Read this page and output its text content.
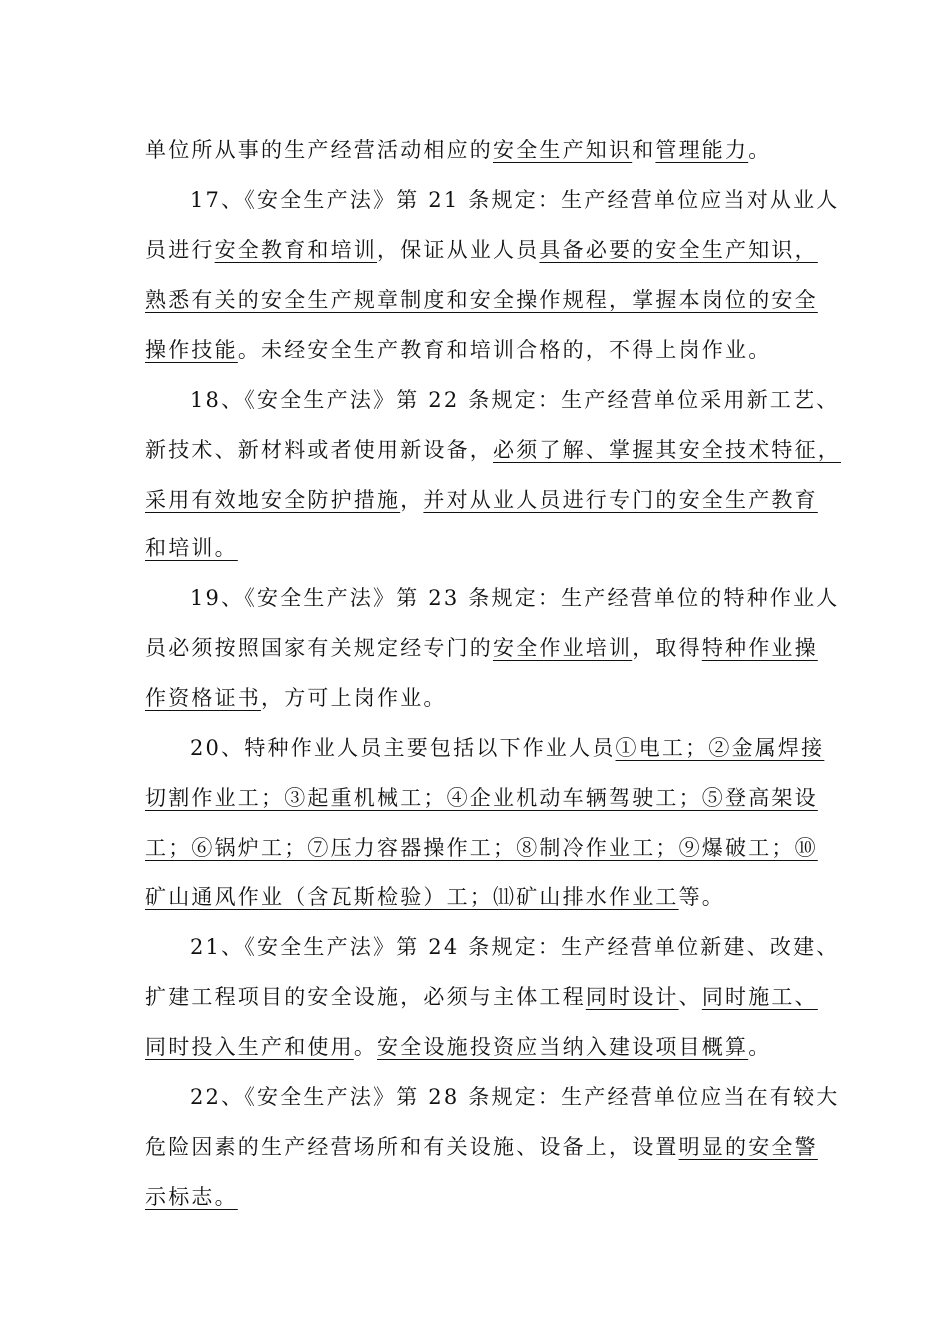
单位所从事的生产经营活动相应的安全生产知识和管理能力。
17、《安全生产法》第 21 条规定：生产经营单位应当对从业人
员进行安全教育和培训，保证从业人员具备必要的安全生产知识，
熟悉有关的安全生产规章制度和安全操作规程，掌握本岗位的安全
操作技能。未经安全生产教育和培训合格的，不得上岗作业。
18、《安全生产法》第 22 条规定：生产经营单位采用新工艺、
新技术、新材料或者使用新设备，必须了解、掌握其安全技术特征，
采用有效地安全防护措施，并对从业人员进行专门的安全生产教育
和培训。
19、《安全生产法》第 23 条规定：生产经营单位的特种作业人
员必须按照国家有关规定经专门的安全作业培训，取得特种作业操
作资格证书，方可上岗作业。
20、特种作业人员主要包括以下作业人员①电工；②金属焊接
切割作业工；③起重机械工；④企业机动车辆驾驶工；⑤登高架设
工；⑥锅炉工；⑦压力容器操作工；⑧制冷作业工；⑨爆破工；⑩
矿山通风作业（含瓦斯检验）工；⑾矿山排水作业工等。
21、《安全生产法》第 24 条规定：生产经营单位新建、改建、
扩建工程项目的安全设施，必须与主体工程同时设计、同时施工、
同时投入生产和使用。安全设施投资应当纳入建设项目概算。
22、《安全生产法》第 28 条规定：生产经营单位应当在有较大
危险因素的生产经营场所和有关设施、设备上，设置明显的安全警
示标志。
